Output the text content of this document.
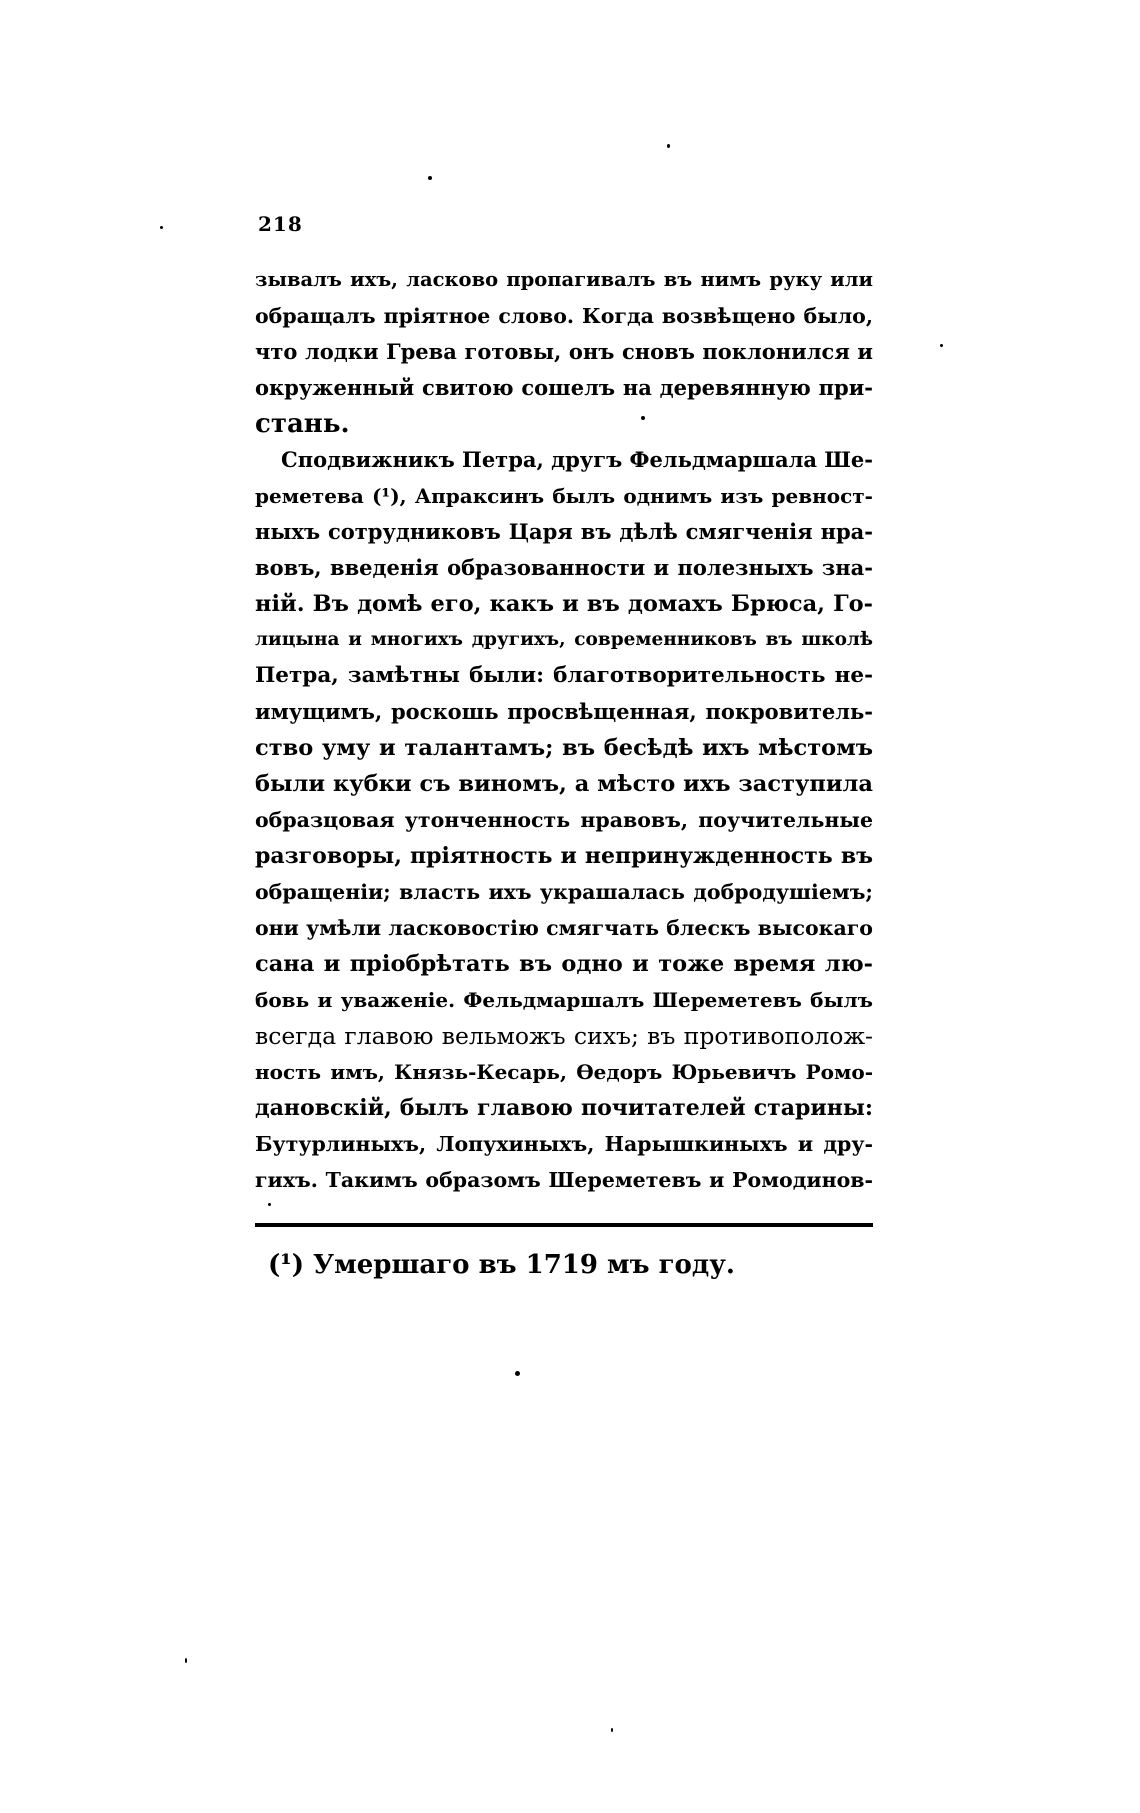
218
зывалъ ихъ, ласково пропагивалъ въ нимъ руку или
обращалъ пріятное слово. Когда возвѣщено было,
что лодки Грева готовы, онъ сновъ поклонился и
окруженный свитою сошелъ на деревянную при-
стань.
Сподвижникъ Петра, другъ Фельдмаршала Ше-
реметева (¹), Апраксинъ былъ однимъ изъ ревност-
ныхъ сотрудниковъ Царя въ дѣлѣ смягченія нра-
вовъ, введенія образованности и полезныхъ зна-
ній. Въ домѣ его, какъ и въ домахъ Брюса, Го-
лицына и многихъ другихъ, современниковъ въ школѣ
Петра, замѣтны были: благотворительность не-
имущимъ, роскошь просвѣщенная, покровитель-
ство уму и талантамъ; въ бесѣдѣ ихъ мѣстомъ
были кубки съ виномъ, а мѣсто ихъ заступила
образцовая утонченность нравовъ, поучительные
разговоры, пріятность и непринужденность въ
обращеніи; власть ихъ украшалась добродушіемъ;
они умѣли ласковостію смягчать блескъ высокаго
сана и пріобрѣтать въ одно и тоже время лю-
бовь и уваженіе. Фельдмаршалъ Шереметевъ былъ
всегда главою вельможъ сихъ; въ противополож-
ность имъ, Князь-Кесарь, Өедоръ Юрьевичъ Ромо-
дановскій, былъ главою почитателей старины:
Бутурлиныхъ, Лопухиныхъ, Нарышкиныхъ и дру-
гихъ. Такимъ образомъ Шереметевъ и Ромодинов-
(¹) Умершаго въ 1719 мъ году.
